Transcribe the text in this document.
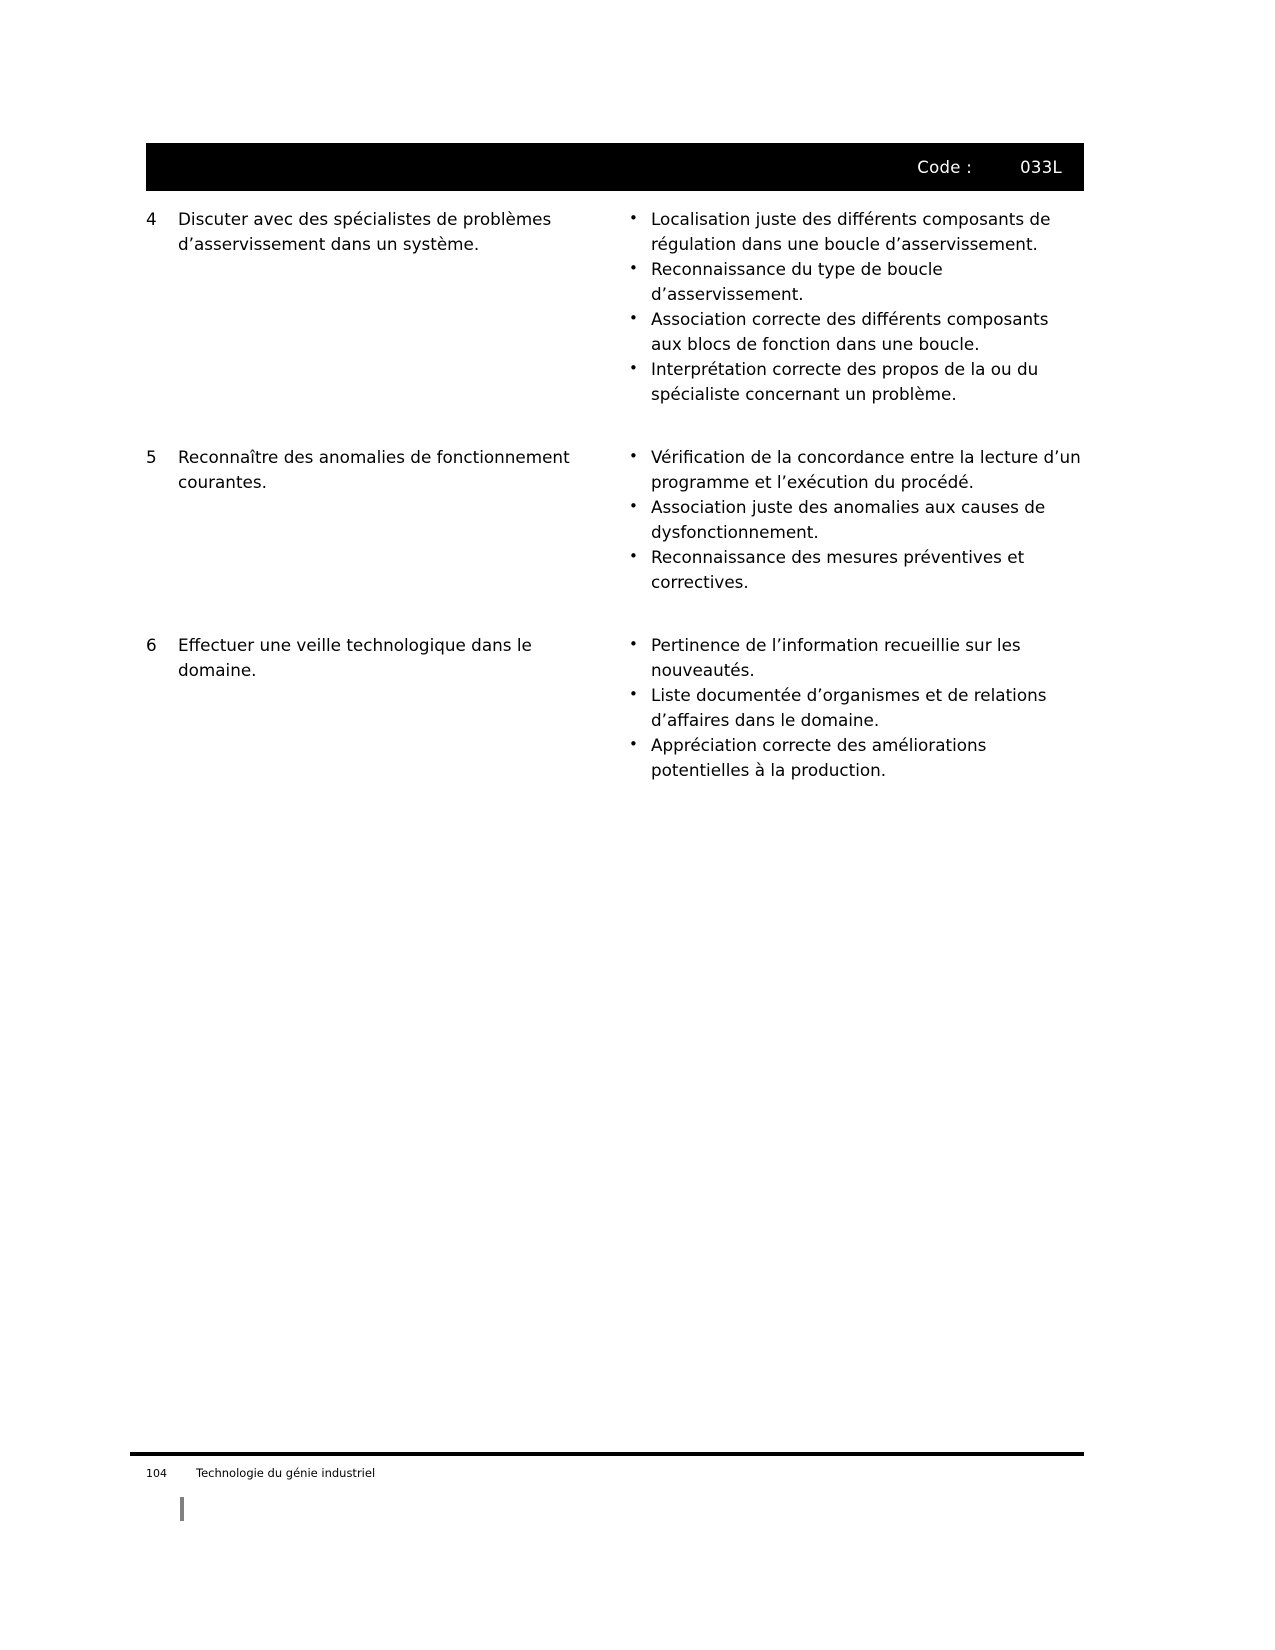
Code :	033L
4	Discuter avec des spécialistes de problèmes d’asservissement dans un système.
• Localisation juste des différents composants de régulation dans une boucle d’asservissement.
• Reconnaissance du type de boucle d’asservissement.
• Association correcte des différents composants aux blocs de fonction dans une boucle.
• Interprétation correcte des propos de la ou du spécialiste concernant un problème.
5	Reconnaître des anomalies de fonctionnement courantes.
• Vérification de la concordance entre la lecture d’un programme et l’exécution du procédé.
• Association juste des anomalies aux causes de dysfonctionnement.
• Reconnaissance des mesures préventives et correctives.
6	Effectuer une veille technologique dans le domaine.
• Pertinence de l’information recueillie sur les nouveautés.
• Liste documentée d’organismes et de relations d’affaires dans le domaine.
• Appréciation correcte des améliorations potentielles à la production.
104	Technologie du génie industriel
